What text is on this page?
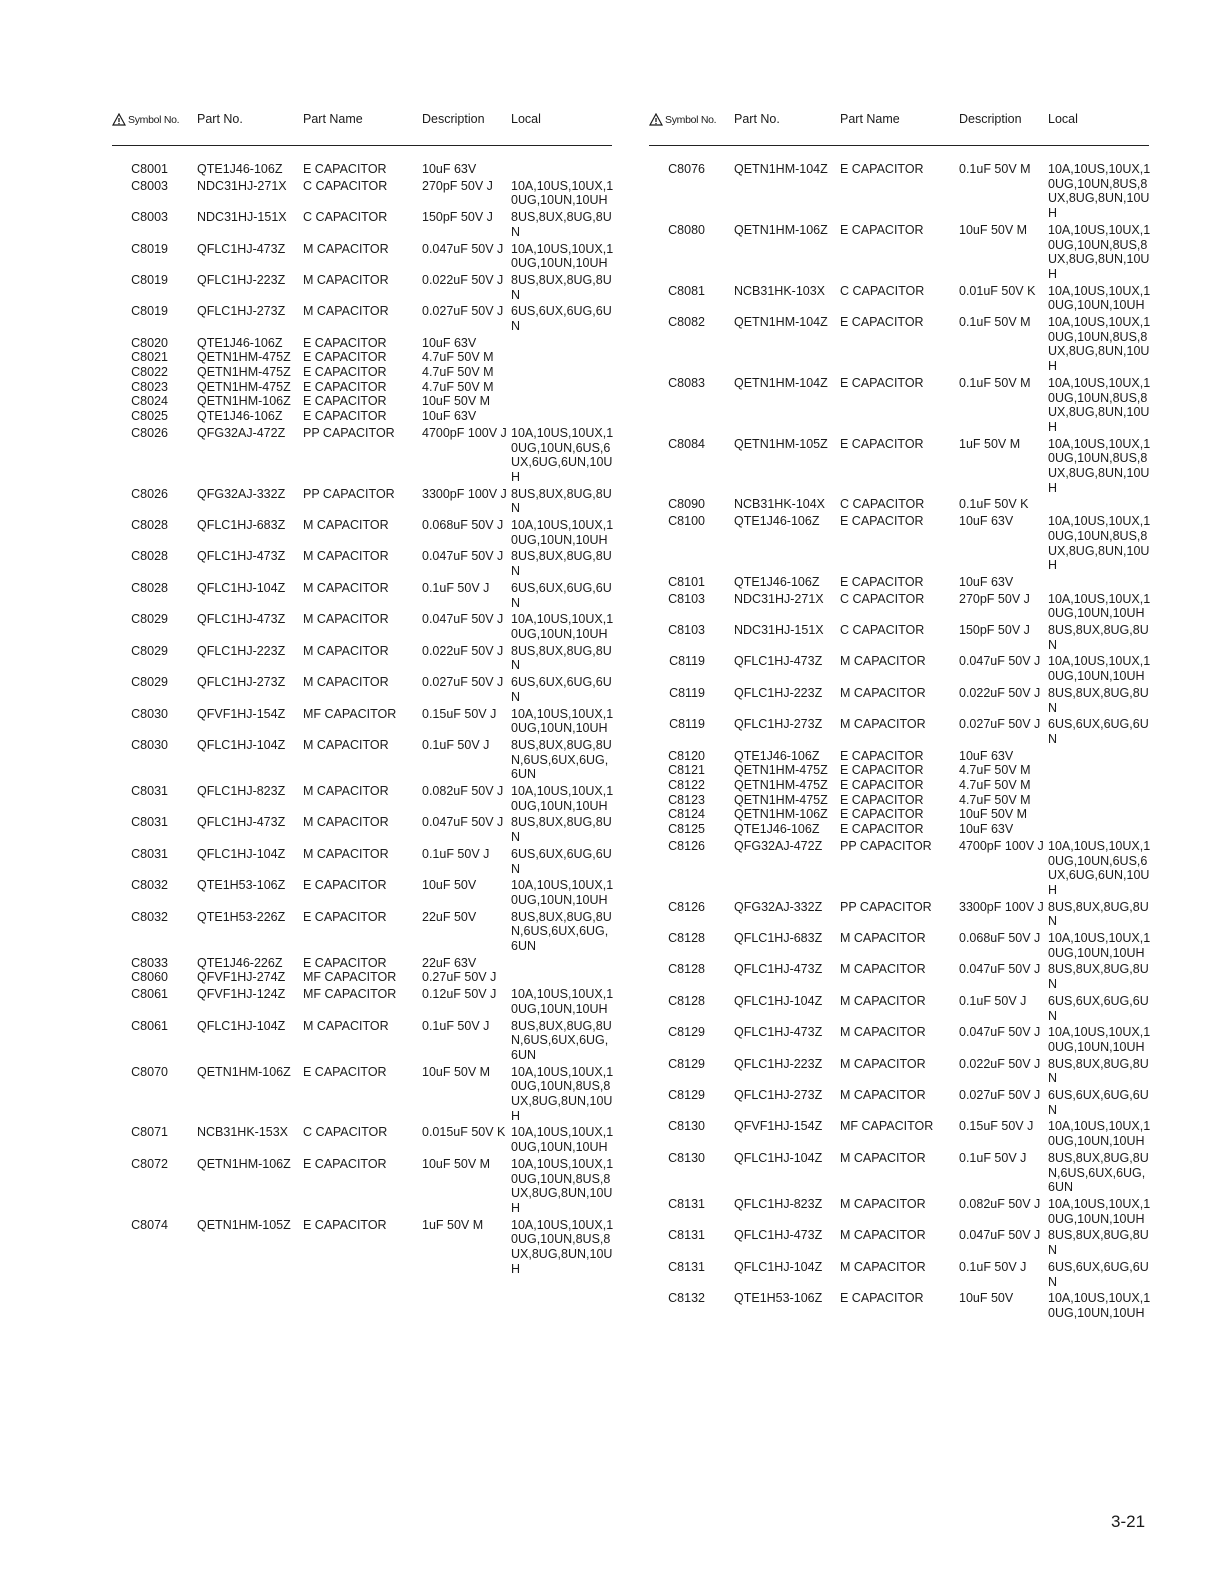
Symbol No. Part No.	Part Name	Description Local
C8001 QTE1J46-106Z E CAPACITOR	10uF 63V
C8003 NDC31HJ-271X C CAPACITOR	270pF 50V J 10A,10US,10UX,10UG,10UN,10UH
C8003 NDC31HJ-151X C CAPACITOR	150pF 50V J 8US,8UX,8UG,8UN
C8019 QFLC1HJ-473Z M CAPACITOR	0.047uF 50V J 10A,10US,10UX,10UG,10UN,10UH
C8019 QFLC1HJ-223Z M CAPACITOR	0.022uF 50V J 8US,8UX,8UG,8UN
C8019 QFLC1HJ-273Z M CAPACITOR	0.027uF 50V J 6US,6UX,6UG,6UN
C8020 QTE1J46-106Z E CAPACITOR	10uF 63V
C8021 QETN1HM-475Z E CAPACITOR	4.7uF 50V M
C8022 QETN1HM-475Z E CAPACITOR	4.7uF 50V M
C8023 QETN1HM-475Z E CAPACITOR	4.7uF 50V M
C8024 QETN1HM-106Z E CAPACITOR	10uF 50V M
C8025 QTE1J46-106Z E CAPACITOR	10uF 63V
C8026 QFG32AJ-472Z PP CAPACITOR 4700pF 100V J 10A,10US,10UX,10UG,10UN,6US,6UX,6UG,6UN,10UH
C8026 QFG32AJ-332Z PP CAPACITOR 3300pF 100V J 8US,8UX,8UG,8UN
C8028 QFLC1HJ-683Z M CAPACITOR	0.068uF 50V J 10A,10US,10UX,10UG,10UN,10UH
C8028 QFLC1HJ-473Z M CAPACITOR	0.047uF 50V J 8US,8UX,8UG,8UN
C8028 QFLC1HJ-104Z M CAPACITOR	0.1uF 50V J 6US,6UX,6UG,6UN
C8029 QFLC1HJ-473Z M CAPACITOR	0.047uF 50V J 10A,10US,10UX,10UG,10UN,10UH
C8029 QFLC1HJ-223Z M CAPACITOR	0.022uF 50V J 8US,8UX,8UG,8UN
C8029 QFLC1HJ-273Z M CAPACITOR	0.027uF 50V J 6US,6UX,6UG,6UN
C8030 QFVF1HJ-154Z MF CAPACITOR 0.15uF 50V J 10A,10US,10UX,10UG,10UN,10UH
C8030 QFLC1HJ-104Z M CAPACITOR	0.1uF 50V J 8US,8UX,8UG,8UN,6US,6UX,6UG,6UN
C8031 QFLC1HJ-823Z M CAPACITOR	0.082uF 50V J 10A,10US,10UX,10UG,10UN,10UH
C8031 QFLC1HJ-473Z M CAPACITOR	0.047uF 50V J 8US,8UX,8UG,8UN
C8031 QFLC1HJ-104Z M CAPACITOR	0.1uF 50V J 6US,6UX,6UG,6UN
C8032 QTE1H53-106Z E CAPACITOR	10uF 50V	10A,10US,10UX,10UG,10UN,10UH
C8032 QTE1H53-226Z E CAPACITOR	22uF 50V	8US,8UX,8UG,8UN,6US,6UX,6UG,6UN
C8033 QTE1J46-226Z E CAPACITOR	22uF 63V
C8060 QFVF1HJ-274Z MF CAPACITOR 0.27uF 50V J
C8061 QFVF1HJ-124Z MF CAPACITOR 0.12uF 50V J 10A,10US,10UX,10UG,10UN,10UH
C8061 QFLC1HJ-104Z M CAPACITOR	0.1uF 50V J 8US,8UX,8UG,8UN,6US,6UX,6UG,6UN
C8070 QETN1HM-106Z E CAPACITOR	10uF 50V M 10A,10US,10UX,10UG,10UN,8US,8UX,8UG,8UN,10UH
C8071 NCB31HK-153X C CAPACITOR	0.015uF 50V K 10A,10US,10UX,10UG,10UN,10UH
C8072 QETN1HM-106Z E CAPACITOR	10uF 50V M 10A,10US,10UX,10UG,10UN,8US,8UX,8UG,8UN,10UH
C8074 QETN1HM-105Z E CAPACITOR	1uF 50V M 10A,10US,10UX,10UG,10UN,8US,8UX,8UG,8UN,10UH
Symbol No. Part No.	Part Name	Description Local
C8076 QETN1HM-104Z E CAPACITOR	0.1uF 50V M 10A,10US,10UX,10UG,10UN,8US,8UX,8UG,8UN,10UH
C8080 QETN1HM-106Z E CAPACITOR	10uF 50V M 10A,10US,10UX,10UG,10UN,8US,8UX,8UG,8UN,10UH
C8081 NCB31HK-103X C CAPACITOR	0.01uF 50V K 10A,10US,10UX,10UG,10UN,10UH
C8082 QETN1HM-104Z E CAPACITOR	0.1uF 50V M 10A,10US,10UX,10UG,10UN,8US,8UX,8UG,8UN,10UH
C8083 QETN1HM-104Z E CAPACITOR	0.1uF 50V M 10A,10US,10UX,10UG,10UN,8US,8UX,8UG,8UN,10UH
C8084 QETN1HM-105Z E CAPACITOR	1uF 50V M 10A,10US,10UX,10UG,10UN,8US,8UX,8UG,8UN,10UH
C8090 NCB31HK-104X C CAPACITOR	0.1uF 50V K
C8100 QTE1J46-106Z E CAPACITOR	10uF 63V	10A,10US,10UX,10UG,10UN,8US,8UX,8UG,8UN,10UH
C8101 QTE1J46-106Z E CAPACITOR	10uF 63V
C8103 NDC31HJ-271X C CAPACITOR	270pF 50V J 10A,10US,10UX,10UG,10UN,10UH
C8103 NDC31HJ-151X C CAPACITOR	150pF 50V J 8US,8UX,8UG,8UN
C8119 QFLC1HJ-473Z M CAPACITOR	0.047uF 50V J 10A,10US,10UX,10UG,10UN,10UH
C8119 QFLC1HJ-223Z M CAPACITOR	0.022uF 50V J 8US,8UX,8UG,8UN
C8119 QFLC1HJ-273Z M CAPACITOR	0.027uF 50V J 6US,6UX,6UG,6UN
C8120 QTE1J46-106Z E CAPACITOR	10uF 63V
C8121 QETN1HM-475Z E CAPACITOR	4.7uF 50V M
C8122 QETN1HM-475Z E CAPACITOR	4.7uF 50V M
C8123 QETN1HM-475Z E CAPACITOR	4.7uF 50V M
C8124 QETN1HM-106Z E CAPACITOR	10uF 50V M
C8125 QTE1J46-106Z E CAPACITOR	10uF 63V
C8126 QFG32AJ-472Z PP CAPACITOR 4700pF 100V J 10A,10US,10UX,10UG,10UN,6US,6UX,6UG,6UN,10UH
C8126 QFG32AJ-332Z PP CAPACITOR 3300pF 100V J 8US,8UX,8UG,8UN
C8128 QFLC1HJ-683Z M CAPACITOR	0.068uF 50V J 10A,10US,10UX,10UG,10UN,10UH
C8128 QFLC1HJ-473Z M CAPACITOR	0.047uF 50V J 8US,8UX,8UG,8UN
C8128 QFLC1HJ-104Z M CAPACITOR	0.1uF 50V J 6US,6UX,6UG,6UN
C8129 QFLC1HJ-473Z M CAPACITOR	0.047uF 50V J 10A,10US,10UX,10UG,10UN,10UH
C8129 QFLC1HJ-223Z M CAPACITOR	0.022uF 50V J 8US,8UX,8UG,8UN
C8129 QFLC1HJ-273Z M CAPACITOR	0.027uF 50V J 6US,6UX,6UG,6UN
C8130 QFVF1HJ-154Z MF CAPACITOR 0.15uF 50V J 10A,10US,10UX,10UG,10UN,10UH
C8130 QFLC1HJ-104Z M CAPACITOR	0.1uF 50V J 8US,8UX,8UG,8UN,6US,6UX,6UG,6UN
C8131 QFLC1HJ-823Z M CAPACITOR	0.082uF 50V J 10A,10US,10UX,10UG,10UN,10UH
C8131 QFLC1HJ-473Z M CAPACITOR	0.047uF 50V J 8US,8UX,8UG,8UN
C8131 QFLC1HJ-104Z M CAPACITOR	0.1uF 50V J 6US,6UX,6UG,6UN
C8132 QTE1H53-106Z E CAPACITOR	10uF 50V	10A,10US,10UX,10UG,10UN,10UH
3-21
